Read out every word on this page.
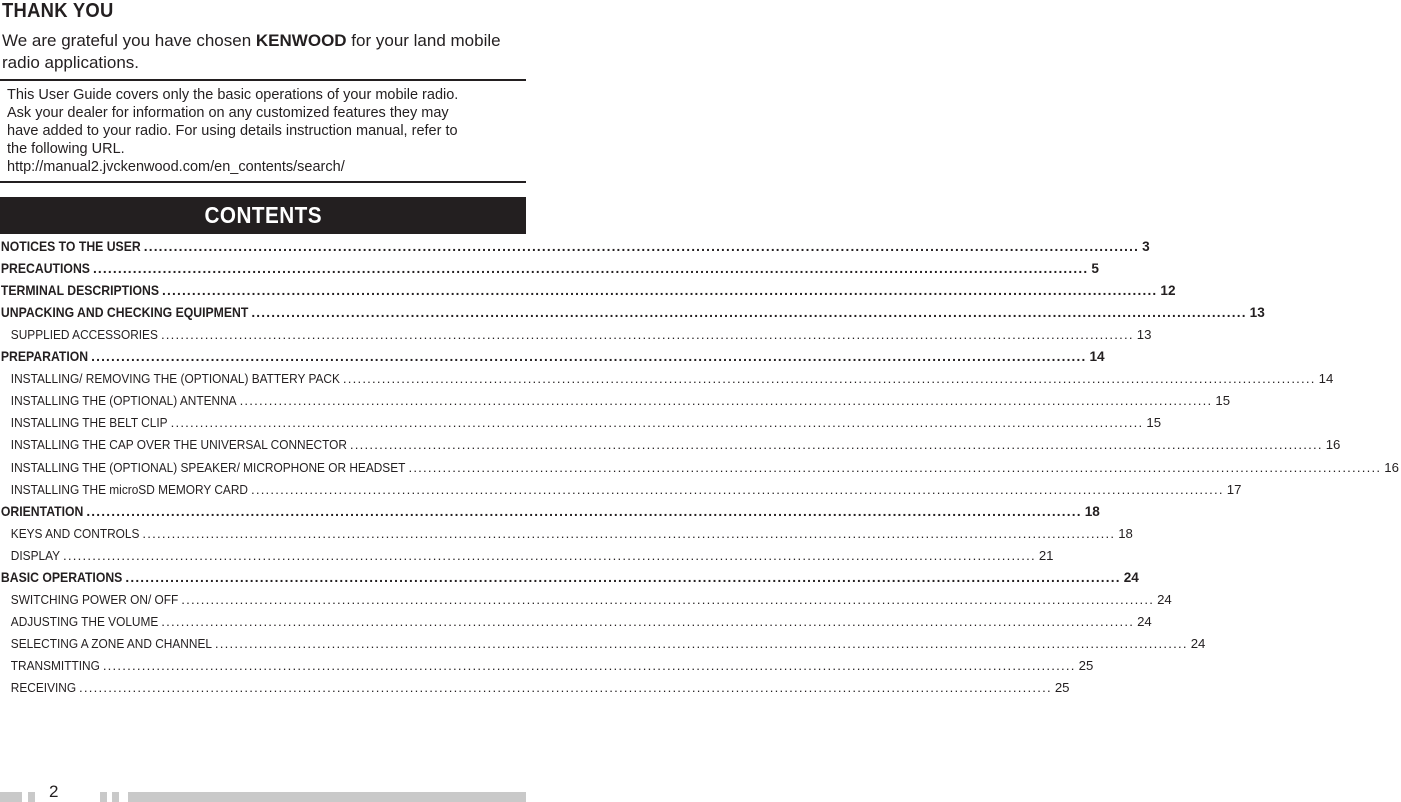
THANK YOU
We are grateful you have chosen KENWOOD for your land mobile
radio applications.
This User Guide covers only the basic operations of your mobile radio.
Ask your dealer for information on any customized features they may
have added to your radio. For using details instruction manual, refer to
the following URL.
http://manual2.jvckenwood.com/en_contents/search/
CONTENTS
NOTICES TO THE USER ........................................................................................................................................................................................................ 3
PRECAUTIONS ........................................................................................................................................................................................................ 5
TERMINAL DESCRIPTIONS ........................................................................................................................................................................................................ 12
UNPACKING AND CHECKING EQUIPMENT ........................................................................................................................................................................................................ 13
SUPPLIED ACCESSORIES ........................................................................................................................................................................................................ 13
PREPARATION ........................................................................................................................................................................................................ 14
INSTALLING/ REMOVING THE (OPTIONAL) BATTERY PACK ........................................................................................................................................................................................................ 14
INSTALLING THE (OPTIONAL) ANTENNA ........................................................................................................................................................................................................ 15
INSTALLING THE BELT CLIP ........................................................................................................................................................................................................ 15
INSTALLING THE CAP OVER THE UNIVERSAL CONNECTOR ........................................................................................................................................................................................................ 16
INSTALLING THE (OPTIONAL) SPEAKER/ MICROPHONE OR HEADSET ........................................................................................................................................................................................................ 16
INSTALLING THE microSD MEMORY CARD ........................................................................................................................................................................................................ 17
ORIENTATION ........................................................................................................................................................................................................ 18
KEYS AND CONTROLS ........................................................................................................................................................................................................ 18
DISPLAY ........................................................................................................................................................................................................ 21
BASIC OPERATIONS ........................................................................................................................................................................................................ 24
SWITCHING POWER ON/ OFF ........................................................................................................................................................................................................ 24
ADJUSTING THE VOLUME ........................................................................................................................................................................................................ 24
SELECTING A ZONE AND CHANNEL ........................................................................................................................................................................................................ 24
TRANSMITTING ........................................................................................................................................................................................................ 25
RECEIVING ........................................................................................................................................................................................................ 25
2
